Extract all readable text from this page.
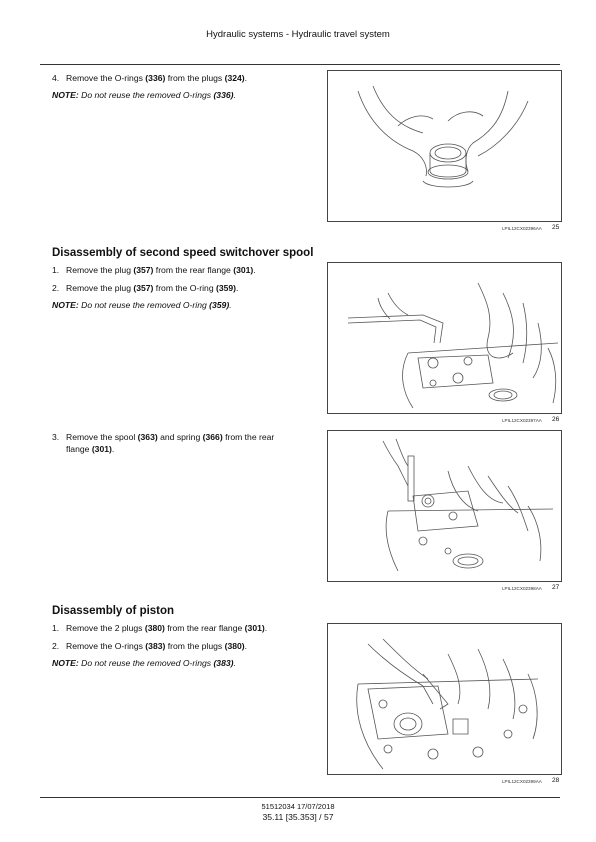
Hydraulic systems - Hydraulic travel system
4. Remove the O-rings (336) from the plugs (324).
NOTE: Do not reuse the removed O-rings (336).
LPIL12CX02396AA 25
Disassembly of second speed switchover spool
1. Remove the plug (357) from the rear flange (301).
2. Remove the plug (357) from the O-ring (359).
NOTE: Do not reuse the removed O-ring (359).
LPIL12CX02397AA 26
3. Remove the spool (363) and spring (366) from the rear
flange (301).
LPIL12CX02398AA 27
Disassembly of piston
1. Remove the 2 plugs (380) from the rear flange (301).
2. Remove the O-rings (383) from the plugs (380).
NOTE: Do not reuse the removed O-rings (383).
LPIL12CX02399AA 28
51512034 17/07/2018
35.11 [35.353] / 57
